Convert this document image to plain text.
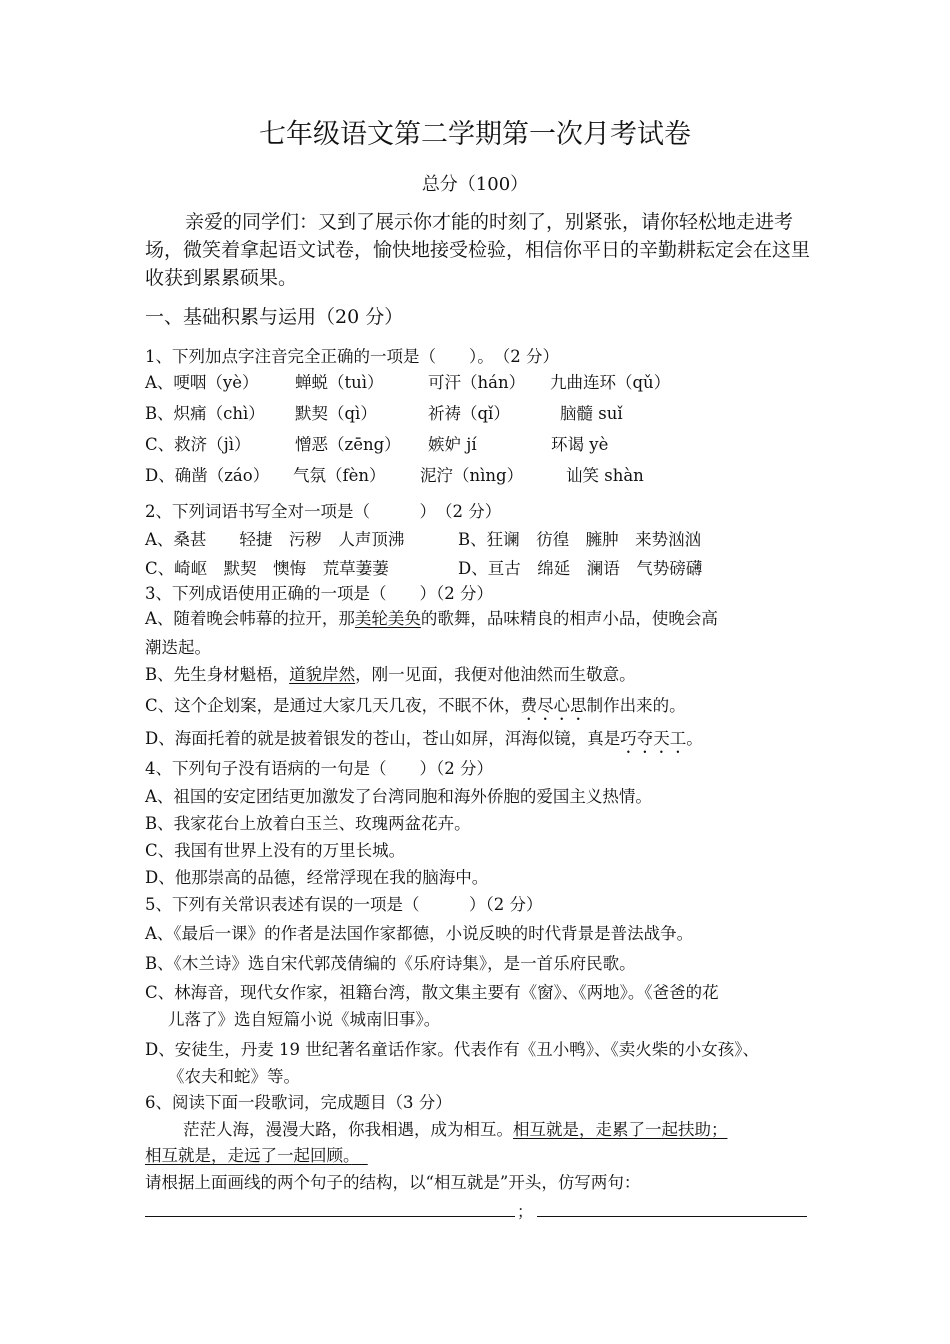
七年级语文第二学期第一次月考试卷
总分（100）
亲爱的同学们：又到了展示你才能的时刻了，别紧张，请你轻松地走进考场，微笑着拿起语文试卷，愉快地接受检验，相信你平日的辛勤耕耘定会在这里收获到累累硕果。
一、基础积累与运用（20 分）
1、下列加点字注音完全正确的一项是（　　）。　（2 分）
A、哽咽（yè） 蝉蜕（tuì）	可汗（hán） 九曲连环（qǔ）
B、炽痛（chì） 默契（qì）	祈祷（qǐ）	脑髓 suǐ
C、救济（jì）	憎恶（zēng） 嫉妒 jí	环谒 yè
D、确凿（záo） 气氛（fèn） 泥泞（nìng）	讪笑 shàn
2、下列词语书写全对一项是（　　　）　（2 分）
A、桑甚　　轻捷　污秽　人声顶沸	B、狂谰　彷徨　臃肿　来势汹汹
C、崎岖　默契　懊悔　荒草萋萋	D、亘古　绵延　澜语　气势磅礴
3、下列成语使用正确的一项是（　　）（2 分）
A、随着晚会帏幕的拉开，那美轮美奂的歌舞，品味精良的相声小品，使晚会高
潮迭起。
B、先生身材魁梧，道貌岸然，刚一见面，我便对他油然而生敬意。
C、这个企划案，是通过大家几天几夜，不眠不休，费尽心思制作出来的。
D、海面托着的就是披着银发的苍山，苍山如屏，洱海似镜，真是巧夺天工。
4、下列句子没有语病的一句是（　　）（2 分）
A、祖国的安定团结更加激发了台湾同胞和海外侨胞的爱国主义热情。
B、我家花台上放着白玉兰、玫瑰两盆花卉。
C、我国有世界上没有的万里长城。
D、他那崇高的品德，经常浮现在我的脑海中。
5、下列有关常识表述有误的一项是（　　　）（2 分）
A、《最后一课》的作者是法国作家都德，小说反映的时代背景是普法战争。
B、《木兰诗》选自宋代郭茂倩编的《乐府诗集》，是一首乐府民歌。
C、林海音，现代女作家，祖籍台湾，散文集主要有《窗》、《两地》。《爸爸的花
儿落了》选自短篇小说《城南旧事》。
D、安徒生，丹麦 19 世纪著名童话作家。代表作有《丑小鸭》、《卖火柴的小女孩》、
《农夫和蛇》等。
6、阅读下面一段歌词，完成题目（3 分）
茫茫人海，漫漫大路，你我相遇，成为相互。相互就是，走累了一起扶助；
相互就是，走远了一起回顾。　
请根据上面画线的两个句子的结构，以“相互就是”开头，仿写两句：
；
